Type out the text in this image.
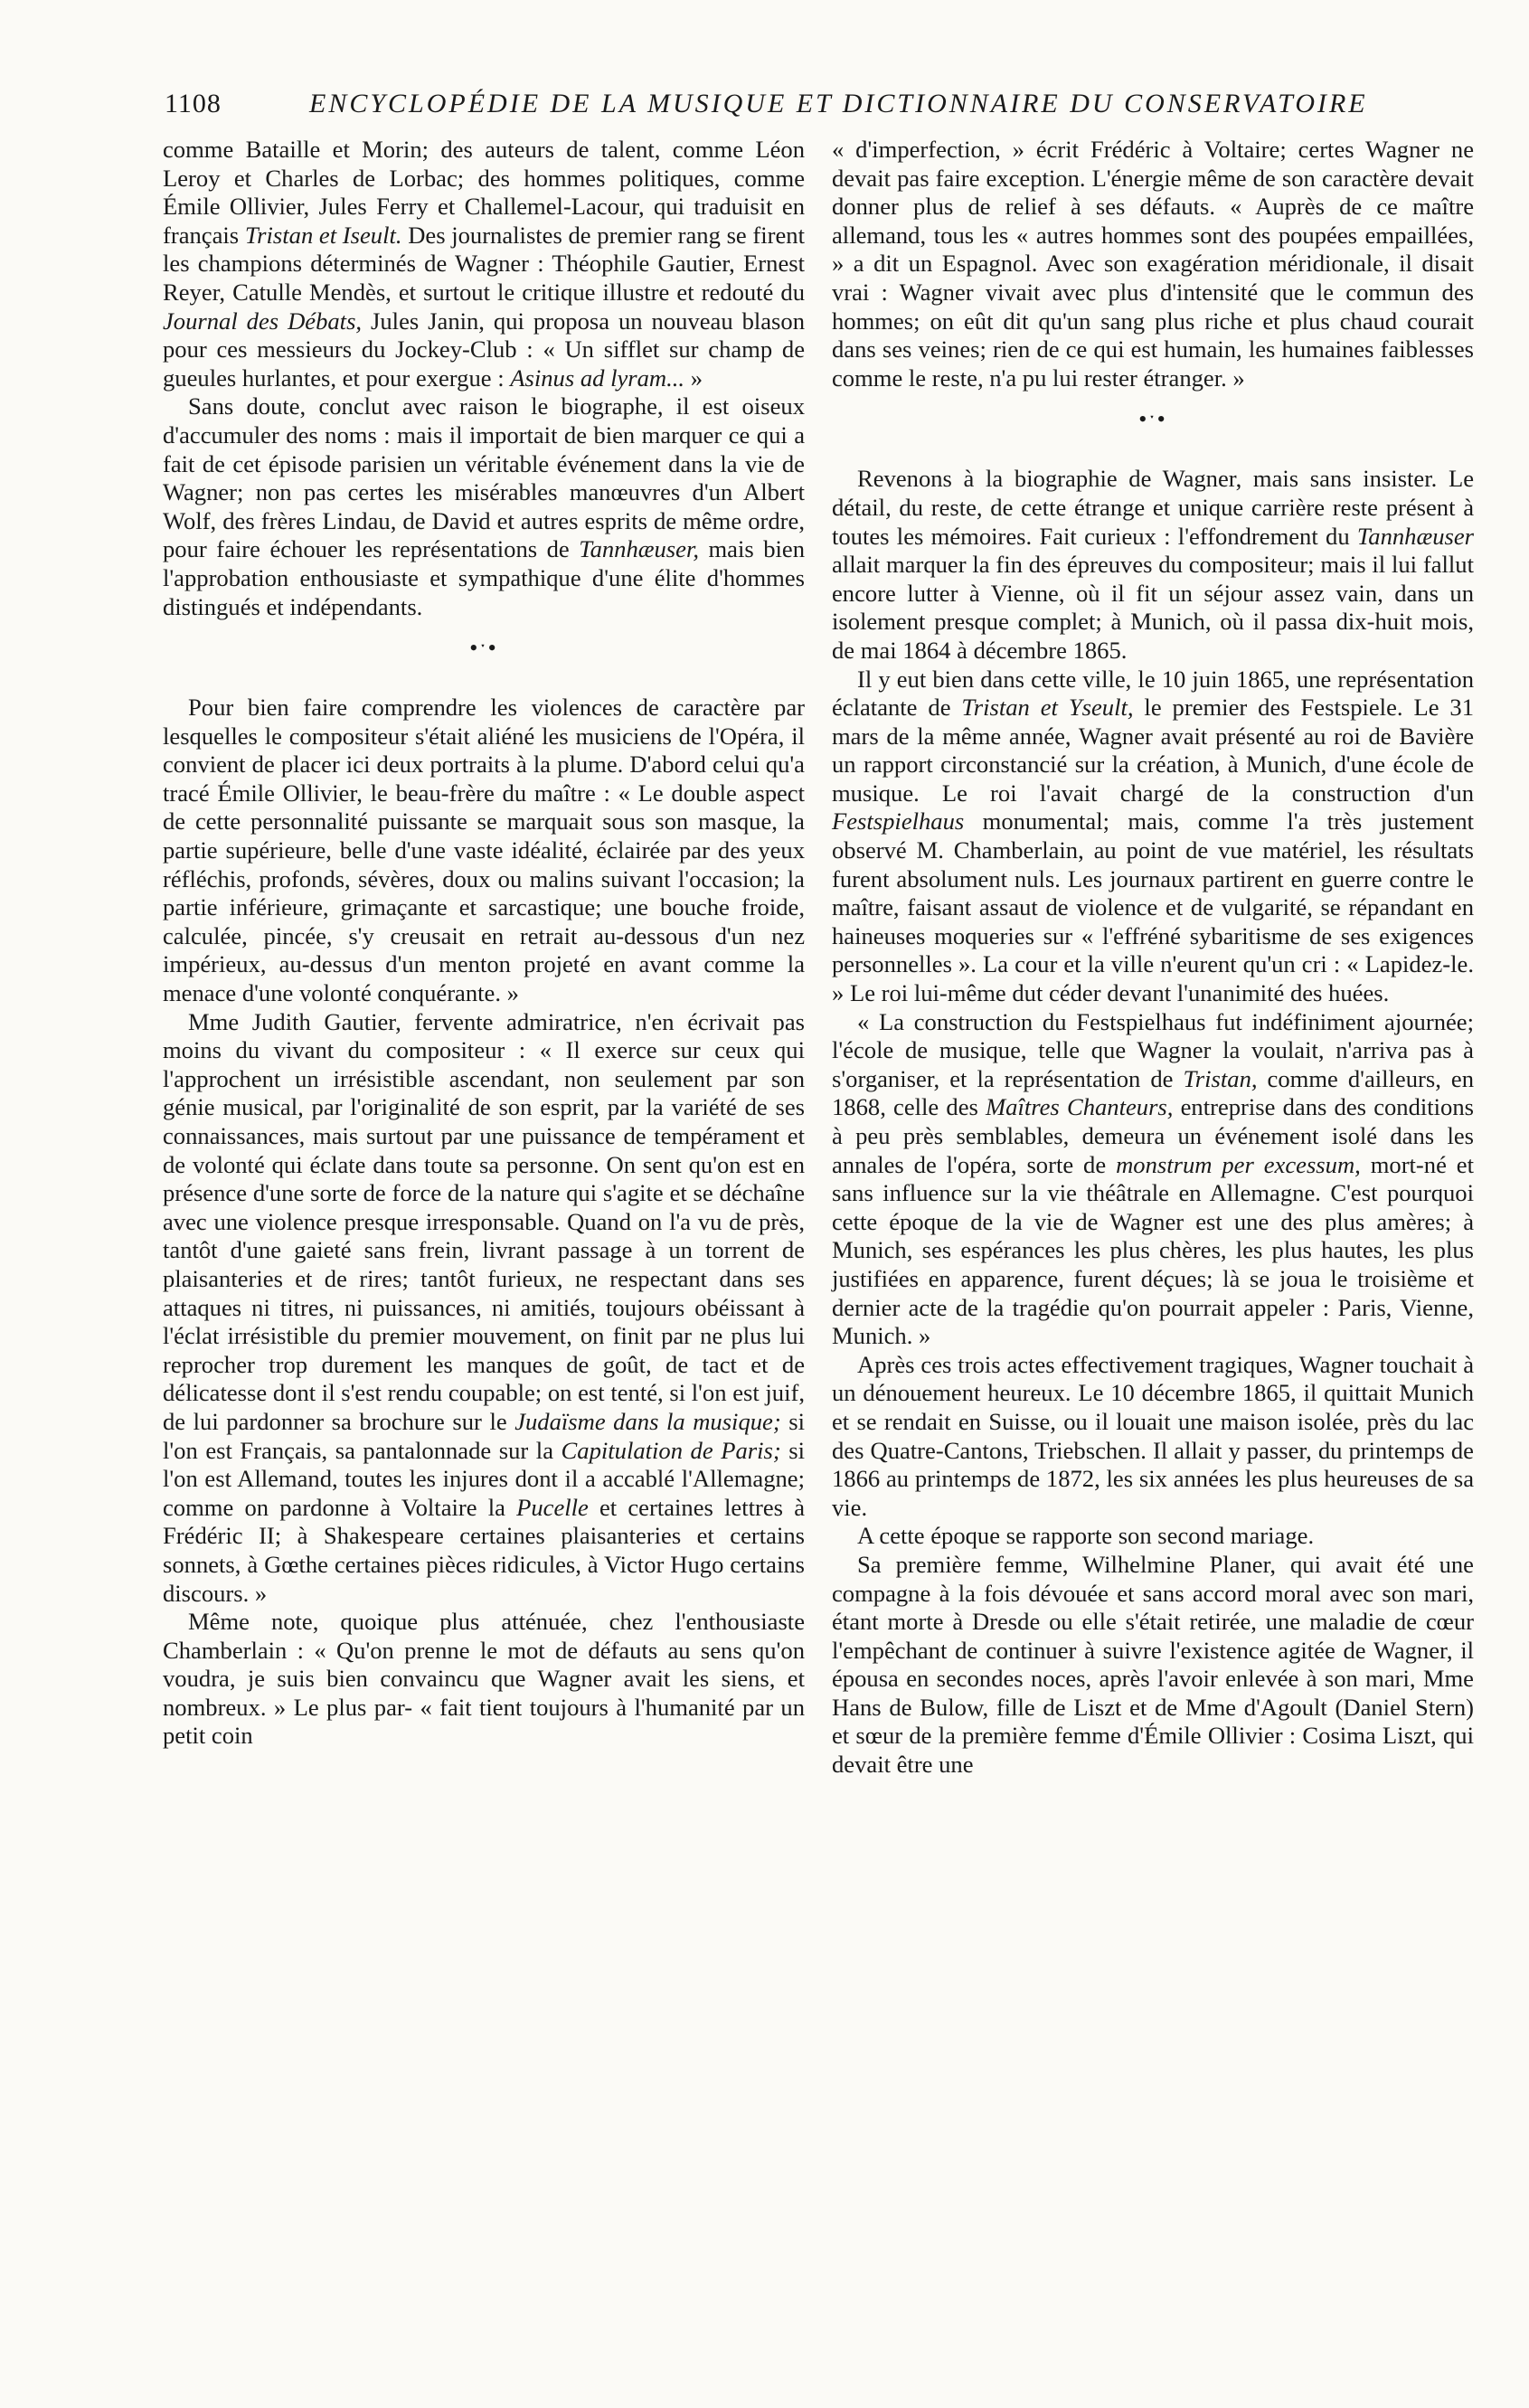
1108	ENCYCLOPÉDIE DE LA MUSIQUE ET DICTIONNAIRE DU CONSERVATOIRE

comme Bataille et Morin; des auteurs de talent, comme Léon Leroy et Charles de Lorbac; des hommes politiques, comme Émile Ollivier, Jules Ferry et Challemel-Lacour, qui traduisit en français Tristan et Iseult. Des journalistes de premier rang se firent les champions déterminés de Wagner : Théophile Gautier, Ernest Reyer, Catulle Mendès, et surtout le critique illustre et redouté du Journal des Débats, Jules Janin, qui proposa un nouveau blason pour ces messieurs du Jockey-Club : « Un sifflet sur champ de gueules hurlantes, et pour exergue : Asinus ad lyram... »

Sans doute, conclut avec raison le biographe, il est oiseux d'accumuler des noms : mais il importait de bien marquer ce qui a fait de cet épisode parisien un véritable événement dans la vie de Wagner; non pas certes les misérables manœuvres d'un Albert Wolf, des frères Lindau, de David et autres esprits de même ordre, pour faire échouer les représentations de Tannhæuser, mais bien l'approbation enthousiaste et sympathique d'une élite d'hommes distingués et indépendants.

•ˑ•

Pour bien faire comprendre les violences de caractère par lesquelles le compositeur s'était aliéné les musiciens de l'Opéra, il convient de placer ici deux portraits à la plume. D'abord celui qu'a tracé Émile Ollivier, le beau-frère du maître : « Le double aspect de cette personnalité puissante se marquait sous son masque, la partie supérieure, belle d'une vaste idéalité, éclairée par des yeux réfléchis, profonds, sévères, doux ou malins suivant l'occasion; la partie inférieure, grimaçante et sarcastique; une bouche froide, calculée, pincée, s'y creusait en retrait au-dessous d'un nez impérieux, au-dessus d'un menton projeté en avant comme la menace d'une volonté conquérante. »

Mme Judith Gautier, fervente admiratrice, n'en écrivait pas moins du vivant du compositeur : « Il exerce sur ceux qui l'approchent un irrésistible ascendant, non seulement par son génie musical, par l'originalité de son esprit, par la variété de ses connaissances, mais surtout par une puissance de tempérament et de volonté qui éclate dans toute sa personne. On sent qu'on est en présence d'une sorte de force de la nature qui s'agite et se déchaîne avec une violence presque irresponsable. Quand on l'a vu de près, tantôt d'une gaieté sans frein, livrant passage à un torrent de plaisanteries et de rires; tantôt furieux, ne respectant dans ses attaques ni titres, ni puissances, ni amitiés, toujours obéissant à l'éclat irrésistible du premier mouvement, on finit par ne plus lui reprocher trop durement les manques de goût, de tact et de délicatesse dont il s'est rendu coupable; on est tenté, si l'on est juif, de lui pardonner sa brochure sur le Judaïsme dans la musique; si l'on est Français, sa pantalonnade sur la Capitulation de Paris; si l'on est Allemand, toutes les injures dont il a accablé l'Allemagne; comme on pardonne à Voltaire la Pucelle et certaines lettres à Frédéric II; à Shakespeare certaines plaisanteries et certains sonnets, à Gœthe certaines pièces ridicules, à Victor Hugo certains discours. »

Même note, quoique plus atténuée, chez l'enthousiaste Chamberlain : « Qu'on prenne le mot de défauts au sens qu'on voudra, je suis bien convaincu que Wagner avait les siens, et nombreux. » Le plus par- « fait tient toujours à l'humanité par un petit coin

« d'imperfection, » écrit Frédéric à Voltaire; certes Wagner ne devait pas faire exception. L'énergie même de son caractère devait donner plus de relief à ses défauts. « Auprès de ce maître allemand, tous les « autres hommes sont des poupées empaillées, » a dit un Espagnol. Avec son exagération méridionale, il disait vrai : Wagner vivait avec plus d'intensité que le commun des hommes; on eût dit qu'un sang plus riche et plus chaud courait dans ses veines; rien de ce qui est humain, les humaines faiblesses comme le reste, n'a pu lui rester étranger. »

•ˑ•

Revenons à la biographie de Wagner, mais sans insister. Le détail, du reste, de cette étrange et unique carrière reste présent à toutes les mémoires. Fait curieux : l'effondrement du Tannhæuser allait marquer la fin des épreuves du compositeur; mais il lui fallut encore lutter à Vienne, où il fit un séjour assez vain, dans un isolement presque complet; à Munich, où il passa dix-huit mois, de mai 1864 à décembre 1865.

Il y eut bien dans cette ville, le 10 juin 1865, une représentation éclatante de Tristan et Yseult, le premier des Festspiele. Le 31 mars de la même année, Wagner avait présenté au roi de Bavière un rapport circonstancié sur la création, à Munich, d'une école de musique. Le roi l'avait chargé de la construction d'un Festspielhaus monumental; mais, comme l'a très justement observé M. Chamberlain, au point de vue matériel, les résultats furent absolument nuls. Les journaux partirent en guerre contre le maître, faisant assaut de violence et de vulgarité, se répandant en haineuses moqueries sur « l'effréné sybaritisme de ses exigences personnelles ». La cour et la ville n'eurent qu'un cri : « Lapidez-le. » Le roi lui-même dut céder devant l'unanimité des huées.

« La construction du Festspielhaus fut indéfiniment ajournée; l'école de musique, telle que Wagner la voulait, n'arriva pas à s'organiser, et la représentation de Tristan, comme d'ailleurs, en 1868, celle des Maîtres Chanteurs, entreprise dans des conditions à peu près semblables, demeura un événement isolé dans les annales de l'opéra, sorte de monstrum per excessum, mort-né et sans influence sur la vie théâtrale en Allemagne. C'est pourquoi cette époque de la vie de Wagner est une des plus amères; à Munich, ses espérances les plus chères, les plus hautes, les plus justifiées en apparence, furent déçues; là se joua le troisième et dernier acte de la tragédie qu'on pourrait appeler : Paris, Vienne, Munich. »

Après ces trois actes effectivement tragiques, Wagner touchait à un dénouement heureux. Le 10 décembre 1865, il quittait Munich et se rendait en Suisse, ou il louait une maison isolée, près du lac des Quatre-Cantons, Triebschen. Il allait y passer, du printemps de 1866 au printemps de 1872, les six années les plus heureuses de sa vie.

A cette époque se rapporte son second mariage.

Sa première femme, Wilhelmine Planer, qui avait été une compagne à la fois dévouée et sans accord moral avec son mari, étant morte à Dresde ou elle s'était retirée, une maladie de cœur l'empêchant de continuer à suivre l'existence agitée de Wagner, il épousa en secondes noces, après l'avoir enlevée à son mari, Mme Hans de Bulow, fille de Liszt et de Mme d'Agoult (Daniel Stern) et sœur de la première femme d'Émile Ollivier : Cosima Liszt, qui devait être une
